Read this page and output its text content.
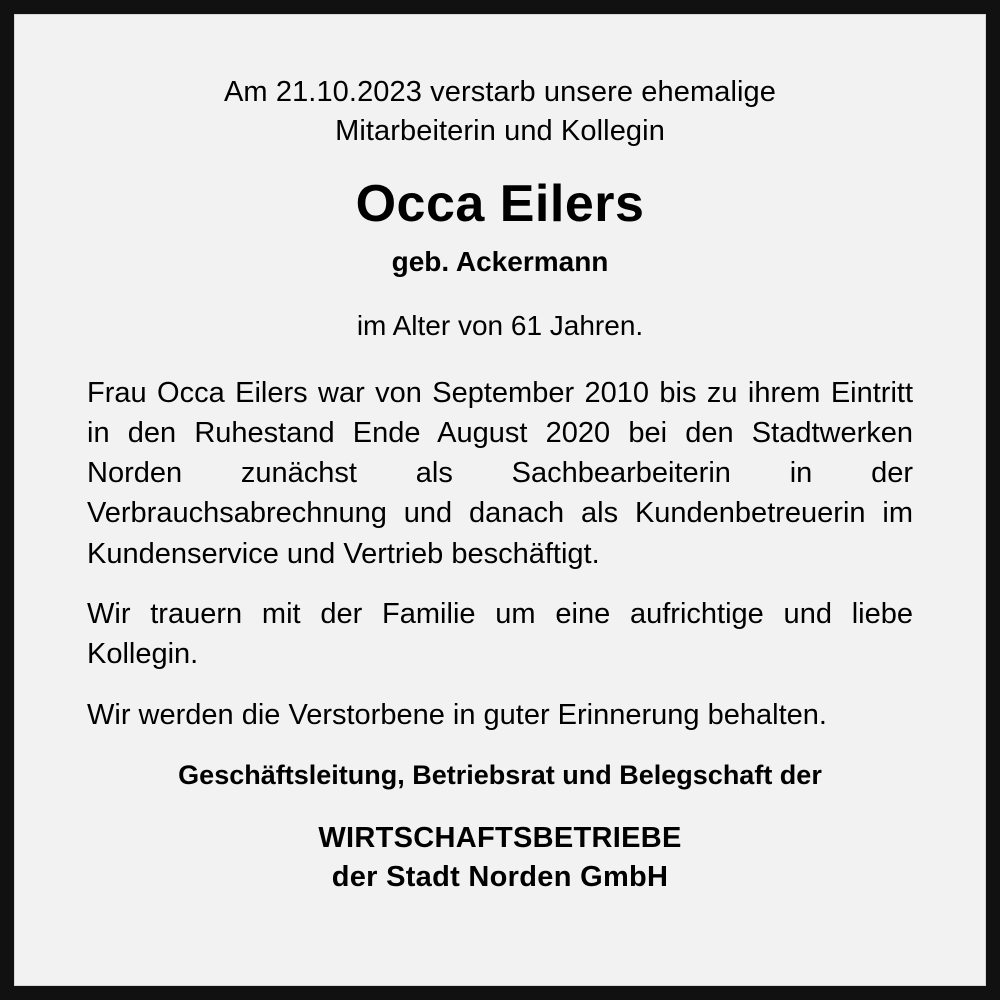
Am 21.10.2023 verstarb unsere ehemalige
Mitarbeiterin und Kollegin
Occa Eilers
geb. Ackermann
im Alter von 61 Jahren.

Frau Occa Eilers war von September 2010 bis zu ihrem Eintritt in den Ruhestand Ende August 2020 bei den Stadtwerken Norden zunächst als Sachbearbeiterin in der Verbrauchsabrechnung und danach als Kundenbetreuerin im Kundenservice und Vertrieb beschäftigt.

Wir trauern mit der Familie um eine aufrichtige und liebe Kollegin.

Wir werden die Verstorbene in guter Erinnerung behalten.

Geschäftsleitung, Betriebsrat und Belegschaft der
WIRTSCHAFTSBETRIEBE
der Stadt Norden GmbH
